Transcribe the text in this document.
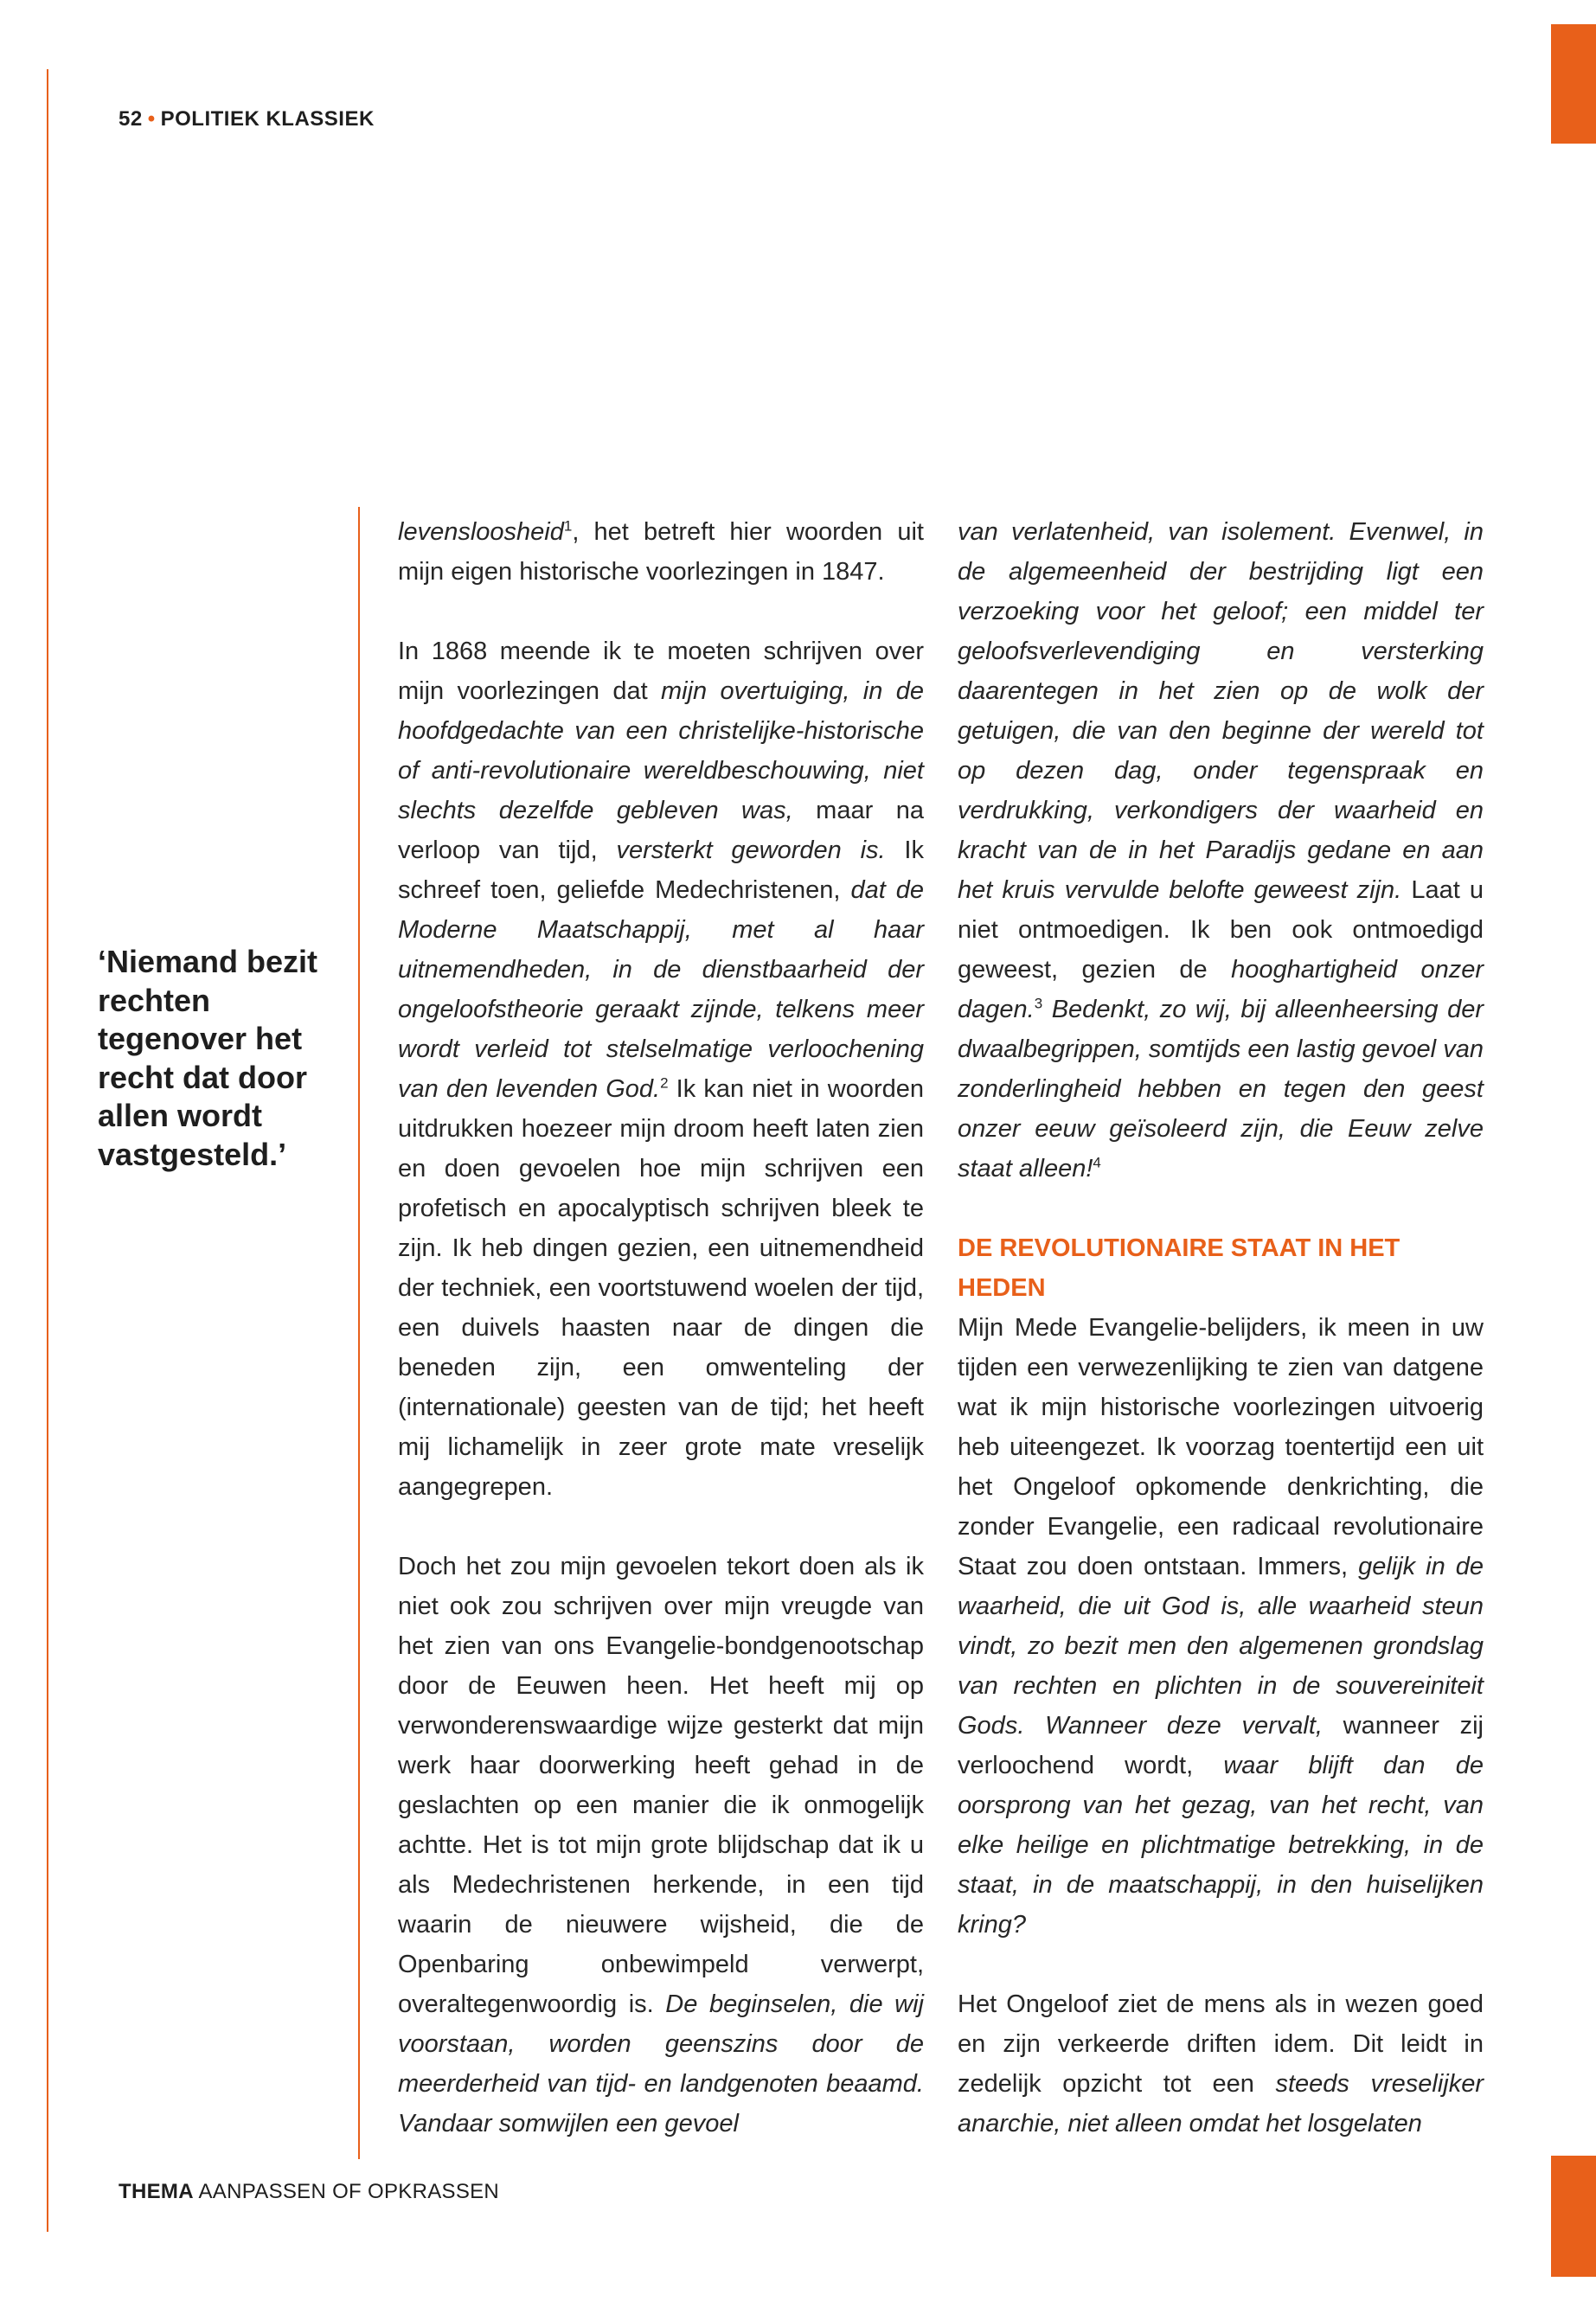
52 • POLITIEK KLASSIEK

‘Niemand bezit rechten tegenover het recht dat door allen wordt vastgesteld.’

levensloosheid$^1$, het betreft hier woorden uit mijn eigen historische voorlezingen in 1847.

In 1868 meende ik te moeten schrijven over mijn voorlezingen dat mijn overtuiging, in de hoofdgedachte van een christelijke-historische of anti-revolutionaire wereldbeschouwing, niet slechts dezelfde gebleven was, maar na verloop van tijd, versterkt geworden is. Ik schreef toen, geliefde Medechristenen, dat de Moderne Maatschappij, met al haar uitnemendheden, in de dienstbaarheid der ongeloofstheorie geraakt zijnde, telkens meer wordt verleid tot stelselmatige verloochening van den levenden God.$^2$ Ik kan niet in woorden uitdrukken hoezeer mijn droom heeft laten zien en doen gevoelen hoe mijn schrijven een profetisch en apocalyptisch schrijven bleek te zijn. Ik heb dingen gezien, een uitnemendheid der techniek, een voortstuwend woelen der tijd, een duivels haasten naar de dingen die beneden zijn, een omwenteling der (internationale) geesten van de tijd; het heeft mij lichamelijk in zeer grote mate vreselijk aangegrepen.

Doch het zou mijn gevoelen tekort doen als ik niet ook zou schrijven over mijn vreugde van het zien van ons Evangelie-bondgenootschap door de Eeuwen heen. Het heeft mij op verwonderenswaardige wijze gesterkt dat mijn werk haar doorwerking heeft gehad in de geslachten op een manier die ik onmogelijk achtte. Het is tot mijn grote blijdschap dat ik u als Medechristenen herkende, in een tijd waarin de nieuwere wijsheid, die de Openbaring onbewimpeld verwerpt, overaltegenwoordig is. De beginselen, die wij voorstaan, worden geenszins door de meerderheid van tijd- en landgenoten beaamd. Vandaar somwijlen een gevoel

van verlatenheid, van isolement. Evenwel, in de algemeenheid der bestrijding ligt een verzoeking voor het geloof; een middel ter geloofsverlevendiging en versterking daarentegen in het zien op de wolk der getuigen, die van den beginne der wereld tot op dezen dag, onder tegenspraak en verdrukking, verkondigers der waarheid en kracht van de in het Paradijs gedane en aan het kruis vervulde belofte geweest zijn. Laat u niet ontmoedigen. Ik ben ook ontmoedigd geweest, gezien de hooghartigheid onzer dagen.$^3$ Bedenkt, zo wij, bij alleenheersing der dwaalbegrippen, somtijds een lastig gevoel van zonderlingheid hebben en tegen den geest onzer eeuw geïsoleerd zijn, die Eeuw zelve staat alleen!$^4$

DE REVOLUTIONAIRE STAAT IN HET HEDEN

Mijn Mede Evangelie-belijders, ik meen in uw tijden een verwezenlijking te zien van datgene wat ik mijn historische voorlezingen uitvoerig heb uiteengezet. Ik voorzag toentertijd een uit het Ongeloof opkomende denkrichting, die zonder Evangelie, een radicaal revolutionaire Staat zou doen ontstaan. Immers, gelijk in de waarheid, die uit God is, alle waarheid steun vindt, zo bezit men den algemenen grondslag van rechten en plichten in de souvereiniteit Gods. Wanneer deze vervalt, wanneer zij verloochend wordt, waar blijft dan de oorsprong van het gezag, van het recht, van elke heilige en plichtmatige betrekking, in de staat, in de maatschappij, in den huiselijken kring?

Het Ongeloof ziet de mens als in wezen goed en zijn verkeerde driften idem. Dit leidt in zedelijk opzicht tot een steeds vreselijker anarchie, niet alleen omdat het losgelaten

THEMA AANPASSEN OF OPKRASSEN
